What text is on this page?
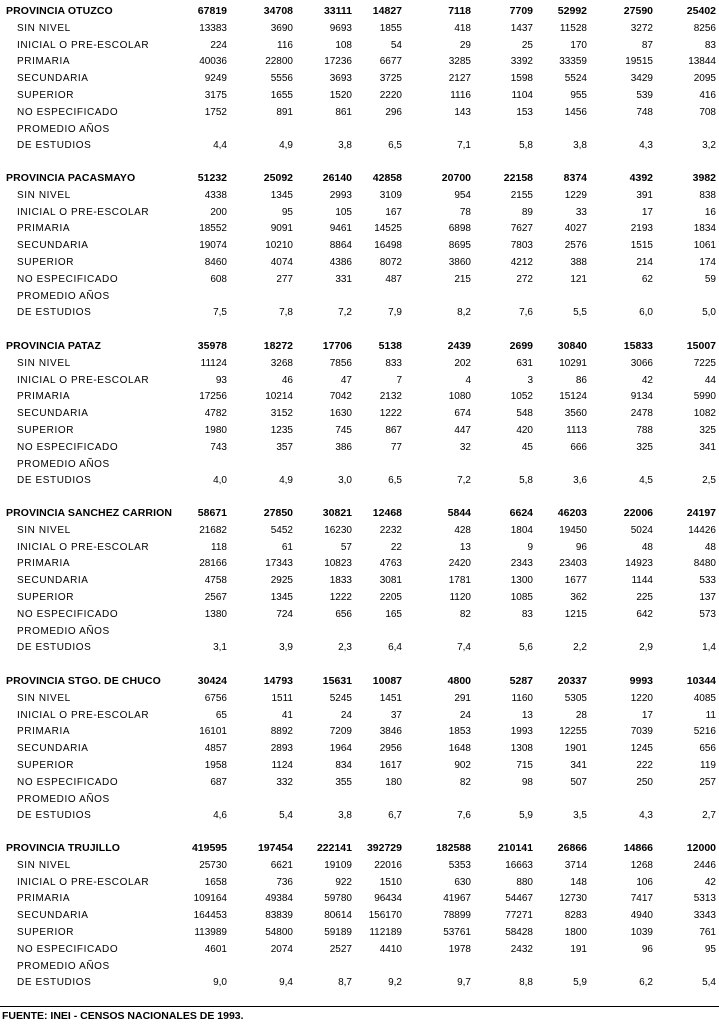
PROVINCIA OTUZCO	67819	34708	33111	14827	7118	7709	52992	27590	25402
SIN NIVEL	13383	3690	9693	1855	418	1437	11528	3272	8256
INICIAL O PRE-ESCOLAR	224	116	108	54	29	25	170	87	83
PRIMARIA	40036	22800	17236	6677	3285	3392	33359	19515	13844
SECUNDARIA	9249	5556	3693	3725	2127	1598	5524	3429	2095
SUPERIOR	3175	1655	1520	2220	1116	1104	955	539	416
NO ESPECIFICADO	1752	891	861	296	143	153	1456	748	708
PROMEDIO AÑOS
DE ESTUDIOS	4,4	4,9	3,8	6,5	7,1	5,8	3,8	4,3	3,2
PROVINCIA PACASMAYO	51232	25092	26140	42858	20700	22158	8374	4392	3982
SIN NIVEL	4338	1345	2993	3109	954	2155	1229	391	838
INICIAL O PRE-ESCOLAR	200	95	105	167	78	89	33	17	16
PRIMARIA	18552	9091	9461	14525	6898	7627	4027	2193	1834
SECUNDARIA	19074	10210	8864	16498	8695	7803	2576	1515	1061
SUPERIOR	8460	4074	4386	8072	3860	4212	388	214	174
NO ESPECIFICADO	608	277	331	487	215	272	121	62	59
PROMEDIO AÑOS
DE ESTUDIOS	7,5	7,8	7,2	7,9	8,2	7,6	5,5	6,0	5,0
PROVINCIA PATAZ	35978	18272	17706	5138	2439	2699	30840	15833	15007
SIN NIVEL	11124	3268	7856	833	202	631	10291	3066	7225
INICIAL O PRE-ESCOLAR	93	46	47	7	4	3	86	42	44
PRIMARIA	17256	10214	7042	2132	1080	1052	15124	9134	5990
SECUNDARIA	4782	3152	1630	1222	674	548	3560	2478	1082
SUPERIOR	1980	1235	745	867	447	420	1113	788	325
NO ESPECIFICADO	743	357	386	77	32	45	666	325	341
PROMEDIO AÑOS
DE ESTUDIOS	4,0	4,9	3,0	6,5	7,2	5,8	3,6	4,5	2,5
PROVINCIA SANCHEZ CARRION	58671	27850	30821	12468	5844	6624	46203	22006	24197
SIN NIVEL	21682	5452	16230	2232	428	1804	19450	5024	14426
INICIAL O PRE-ESCOLAR	118	61	57	22	13	9	96	48	48
PRIMARIA	28166	17343	10823	4763	2420	2343	23403	14923	8480
SECUNDARIA	4758	2925	1833	3081	1781	1300	1677	1144	533
SUPERIOR	2567	1345	1222	2205	1120	1085	362	225	137
NO ESPECIFICADO	1380	724	656	165	82	83	1215	642	573
PROMEDIO AÑOS
DE ESTUDIOS	3,1	3,9	2,3	6,4	7,4	5,6	2,2	2,9	1,4
PROVINCIA STGO. DE CHUCO	30424	14793	15631	10087	4800	5287	20337	9993	10344
SIN NIVEL	6756	1511	5245	1451	291	1160	5305	1220	4085
INICIAL O PRE-ESCOLAR	65	41	24	37	24	13	28	17	11
PRIMARIA	16101	8892	7209	3846	1853	1993	12255	7039	5216
SECUNDARIA	4857	2893	1964	2956	1648	1308	1901	1245	656
SUPERIOR	1958	1124	834	1617	902	715	341	222	119
NO ESPECIFICADO	687	332	355	180	82	98	507	250	257
PROMEDIO AÑOS
DE ESTUDIOS	4,6	5,4	3,8	6,7	7,6	5,9	3,5	4,3	2,7
PROVINCIA TRUJILLO	419595	197454	222141	392729	182588	210141	26866	14866	12000
SIN NIVEL	25730	6621	19109	22016	5353	16663	3714	1268	2446
INICIAL O PRE-ESCOLAR	1658	736	922	1510	630	880	148	106	42
PRIMARIA	109164	49384	59780	96434	41967	54467	12730	7417	5313
SECUNDARIA	164453	83839	80614	156170	78899	77271	8283	4940	3343
SUPERIOR	113989	54800	59189	112189	53761	58428	1800	1039	761
NO ESPECIFICADO	4601	2074	2527	4410	1978	2432	191	96	95
PROMEDIO AÑOS
DE ESTUDIOS	9,0	9,4	8,7	9,2	9,7	8,8	5,9	6,2	5,4
FUENTE: INEI - CENSOS NACIONALES DE 1993.
